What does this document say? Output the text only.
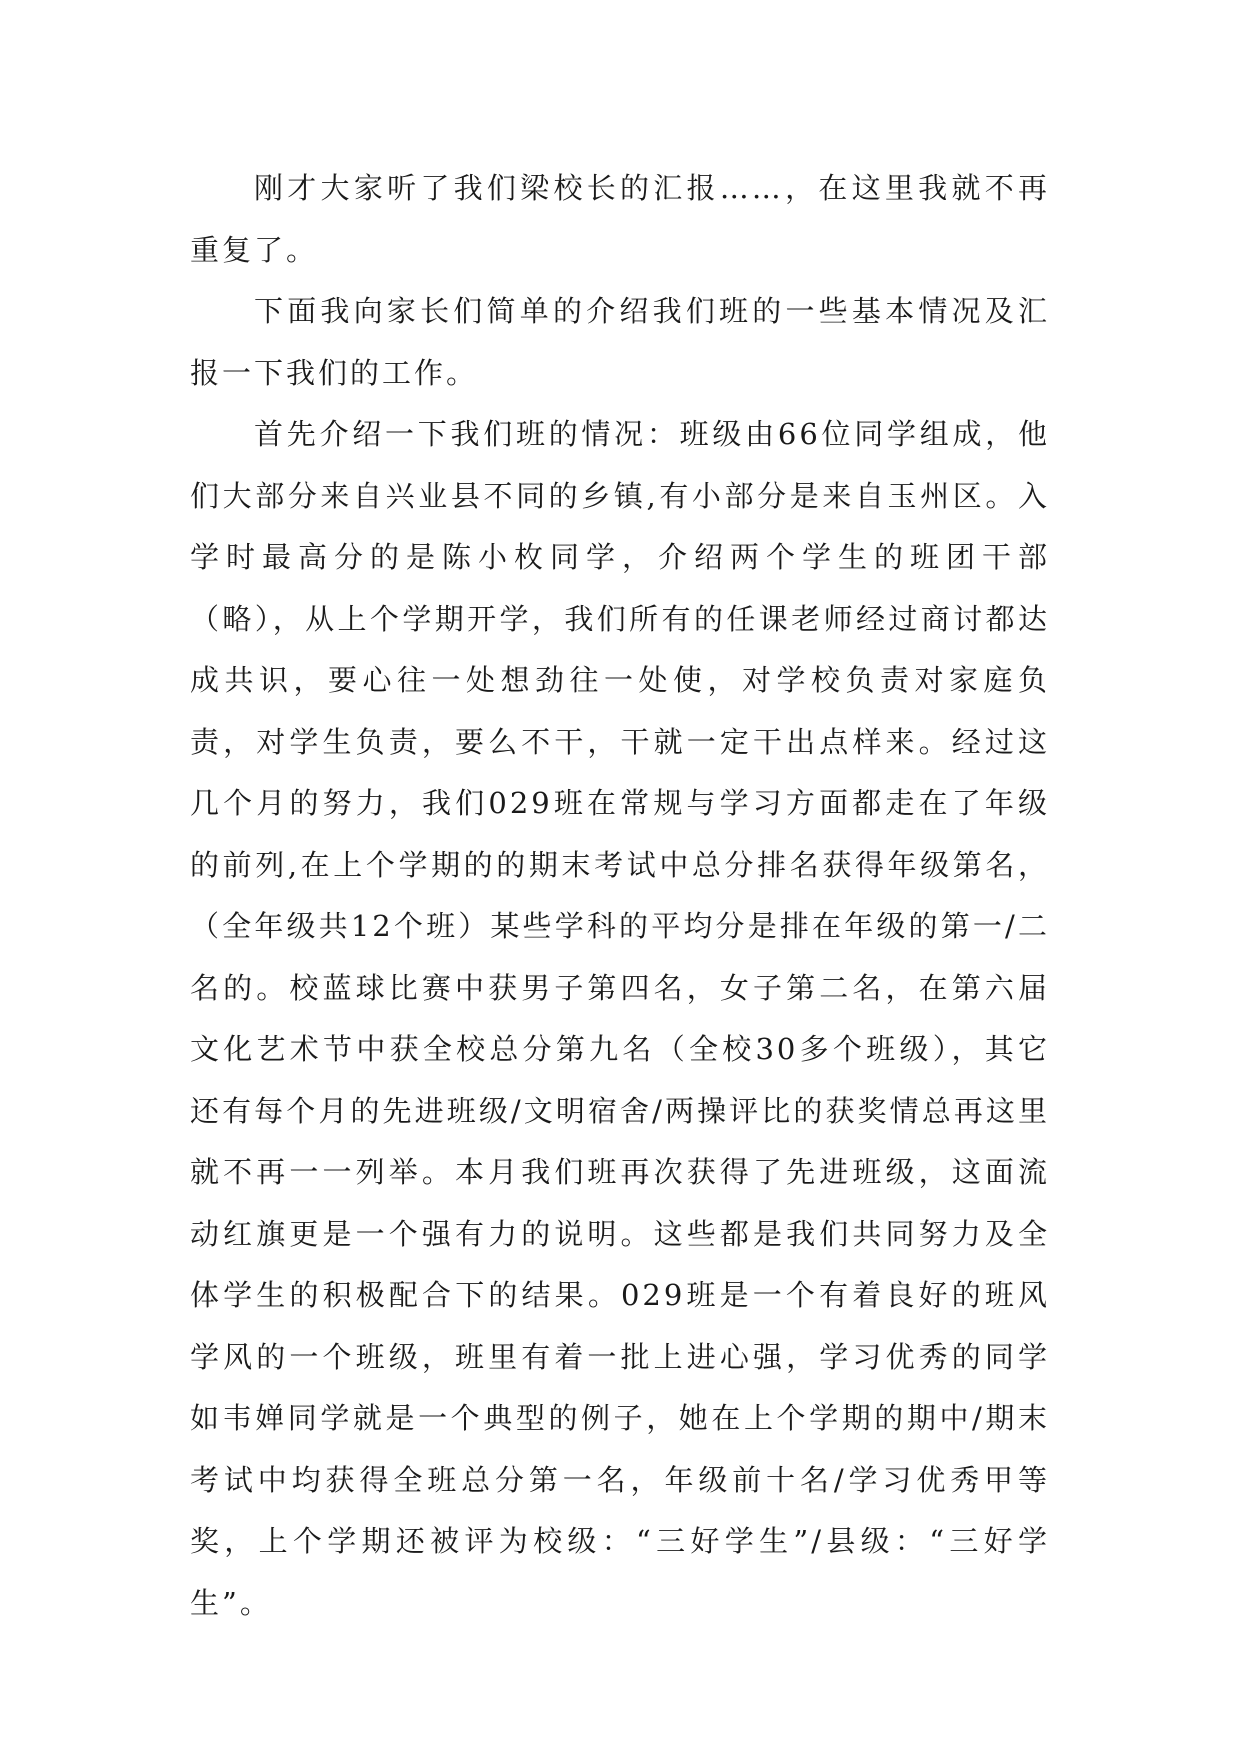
刚才大家听了我们梁校长的汇报……，在这里我就不再重复了。

下面我向家长们简单的介绍我们班的一些基本情况及汇报一下我们的工作。

首先介绍一下我们班的情况：班级由66位同学组成，他们大部分来自兴业县不同的乡镇,有小部分是来自玉州区。入学时最高分的是陈小枚同学，介绍两个学生的班团干部（略），从上个学期开学，我们所有的任课老师经过商讨都达成共识，要心往一处想劲往一处使，对学校负责对家庭负责，对学生负责，要么不干，干就一定干出点样来。经过这几个月的努力，我们029班在常规与学习方面都走在了年级的前列,在上个学期的的期末考试中总分排名获得年级第名，（全年级共12个班）某些学科的平均分是排在年级的第一/二名的。校蓝球比赛中获男子第四名，女子第二名，在第六届文化艺术节中获全校总分第九名（全校30多个班级），其它还有每个月的先进班级/文明宿舍/两操评比的获奖情总再这里就不再一一列举。本月我们班再次获得了先进班级，这面流动红旗更是一个强有力的说明。这些都是我们共同努力及全体学生的积极配合下的结果。029班是一个有着良好的班风学风的一个班级，班里有着一批上进心强，学习优秀的同学如韦婵同学就是一个典型的例子，她在上个学期的期中/期末考试中均获得全班总分第一名，年级前十名/学习优秀甲等奖，上个学期还被评为校级：“三好学生”/县级：“三好学生”。
